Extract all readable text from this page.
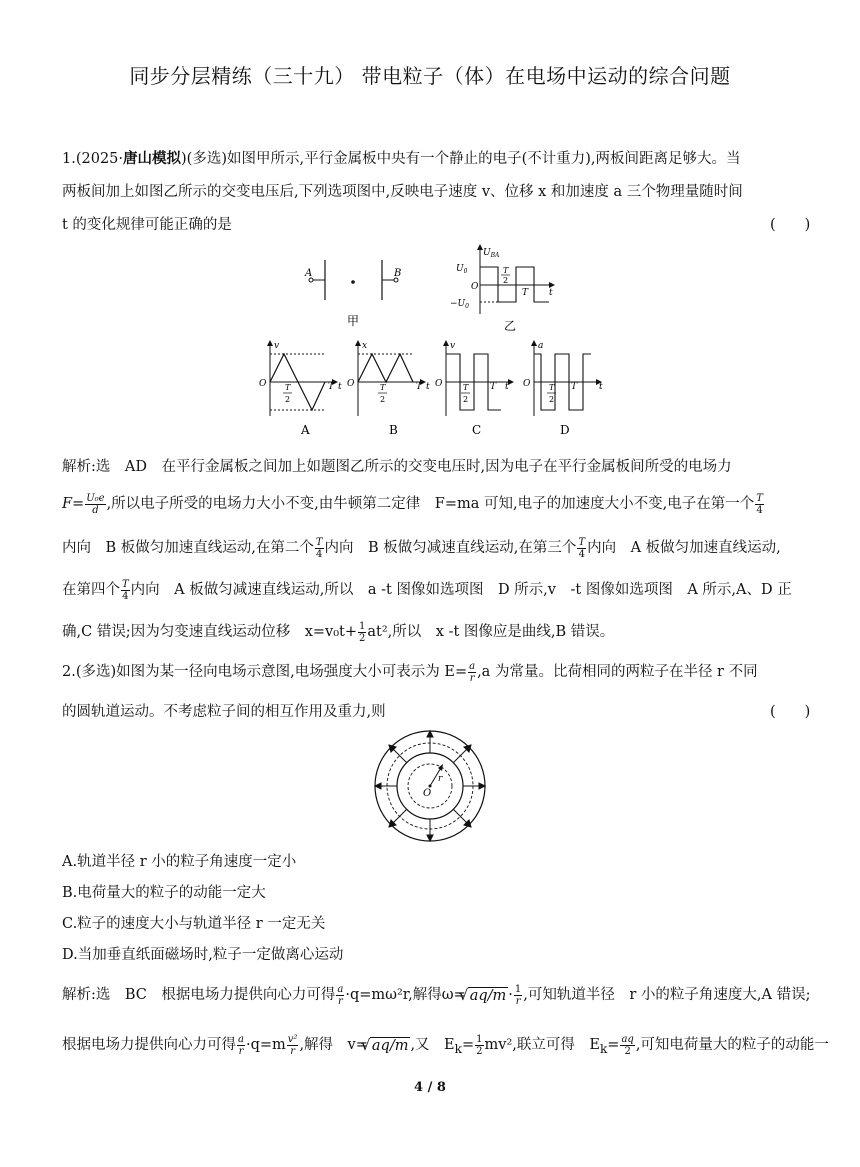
同步分层精练（三十九） 带电粒子（体）在电场中运动的综合问题
1.(2025·唐山模拟)(多选)如图甲所示,平行金属板中央有一个静止的电子(不计重力),两板间距离足够大。当
两板间加上如图乙所示的交变电压后,下列选项图中,反映电子速度 v、位移 x 和加速度 a 三个物理量随时间
t 的变化规律可能正确的是	(　　)
A	B
甲
$U_{BA}$
$U_0$
O
$-U_0$
T
2
T t
乙
v
O T
2
T t
A
x
O	T
2
T t
B
v
O	T
2
T t
C
a
O T
2
T t
D
解析:选　AD　在平行金属板之间加上如题图乙所示的交变电压时,因为电子在平行金属板间所受的电场力
$F= \frac{\text{U₀e}}{d}$ ,所以电子所受的电场力大小不变,由牛顿第二定律　F=ma 可知,电子的加速度大小不变,电子在第一个 $\frac{T}{4}$
内向　B 板做匀加速直线运动,在第二个 $\frac{T}{4}$ 内向　B 板做匀减速直线运动,在第三个 $\frac{T}{4}$ 内向　A 板做匀加速直线运动,
在第四个 $\frac{T}{4}$ 内向　A 板做匀减速直线运动,所以　a -t 图像如选项图　D 所示,v　-t 图像如选项图　A 所示,A、D 正
确,C 错误;因为匀变速直线运动位移　$x=v_0t+ \frac{1}{2} at^2$,所以　x -t 图像应是曲线,B 错误。
2.(多选)如图为某一径向电场示意图,电场强度大小可表示为 $E= \frac{a}{r} ,a$ 为常量。比荷相同的两粒子在半径 r 不同
的圆轨道运动。不考虑粒子间的相互作用及重力,则	(　　)
O
r
A.轨道半径 r 小的粒子角速度一定小
B.电荷量大的粒子的动能一定大
C.粒子的速度大小与轨道半径 r 一定无关
D.当加垂直纸面磁场时,粒子一定做离心运动
解析:选　BC　根据电场力提供向心力可得 $\frac{a}{r} \cdot q=m\omega^2r$,解得ω= √ $aq/m \cdot \frac{1}{r}$ ,可知轨道半径　r 小的粒子角速度大,A 错误;
根据电场力提供向心力可得 $\frac{a}{r} \cdot q=m \frac{\text{v²}}{r}$ ,解得　v= √ aq/m ,又　$E_k= \frac{1}{2} mv^2$,联立可得　$E_k= \frac{aq}{2}$ ,可知电荷量大的粒子的动能一
4 / 8
